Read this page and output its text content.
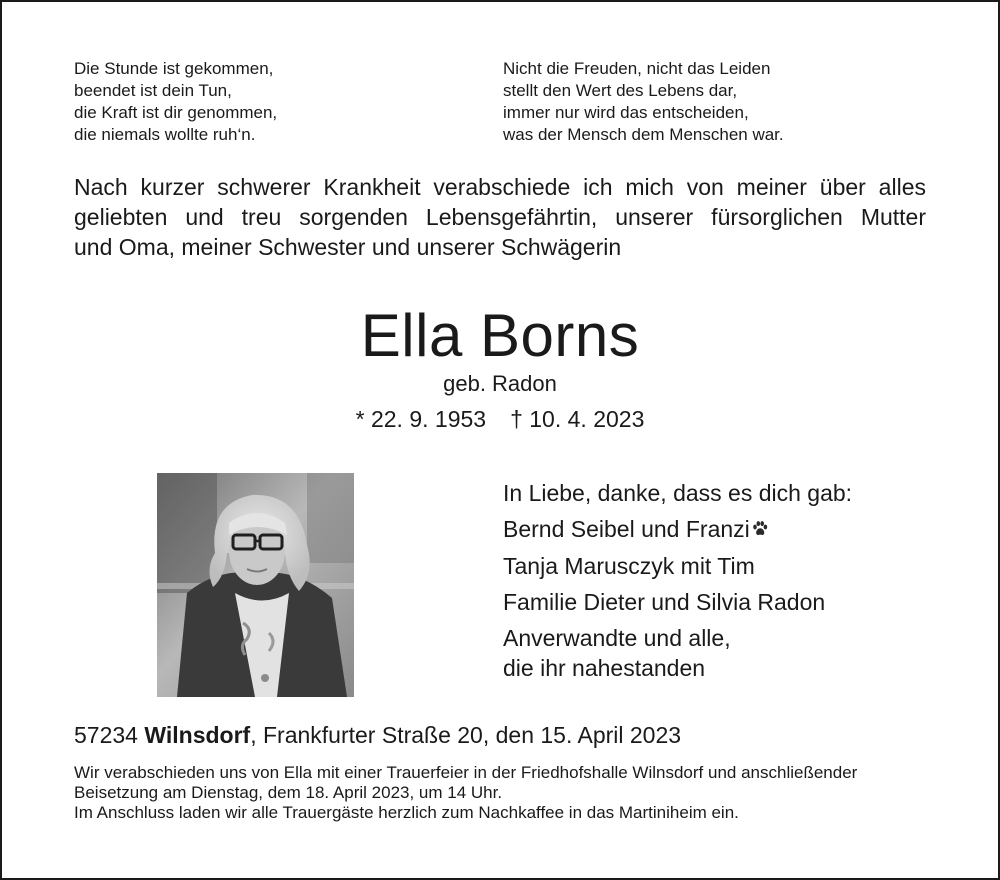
Die Stunde ist gekommen,
beendet ist dein Tun,
die Kraft ist dir genommen,
die niemals wollte ruh‘n.
Nicht die Freuden, nicht das Leiden
stellt den Wert des Lebens dar,
immer nur wird das entscheiden,
was der Mensch dem Menschen war.
Nach kurzer schwerer Krankheit verabschiede ich mich von meiner über alles
geliebten und treu sorgenden Lebensgefährtin, unserer fürsorglichen Mutter
und Oma, meiner Schwester und unserer Schwägerin
Ella Borns
geb. Radon
* 22. 9. 1953 † 10. 4. 2023
In Liebe, danke, dass es dich gab:
Bernd Seibel und Franzi
Tanja Marusczyk mit Tim
Familie Dieter und Silvia Radon
Anverwandte und alle,
die ihr nahestanden
57234 Wilnsdorf, Frankfurter Straße 20, den 15. April 2023
Wir verabschieden uns von Ella mit einer Trauerfeier in der Friedhofshalle Wilnsdorf und anschließender
Beisetzung am Dienstag, dem 18. April 2023, um 14 Uhr.
Im Anschluss laden wir alle Trauergäste herzlich zum Nachkaffee in das Martiniheim ein.
